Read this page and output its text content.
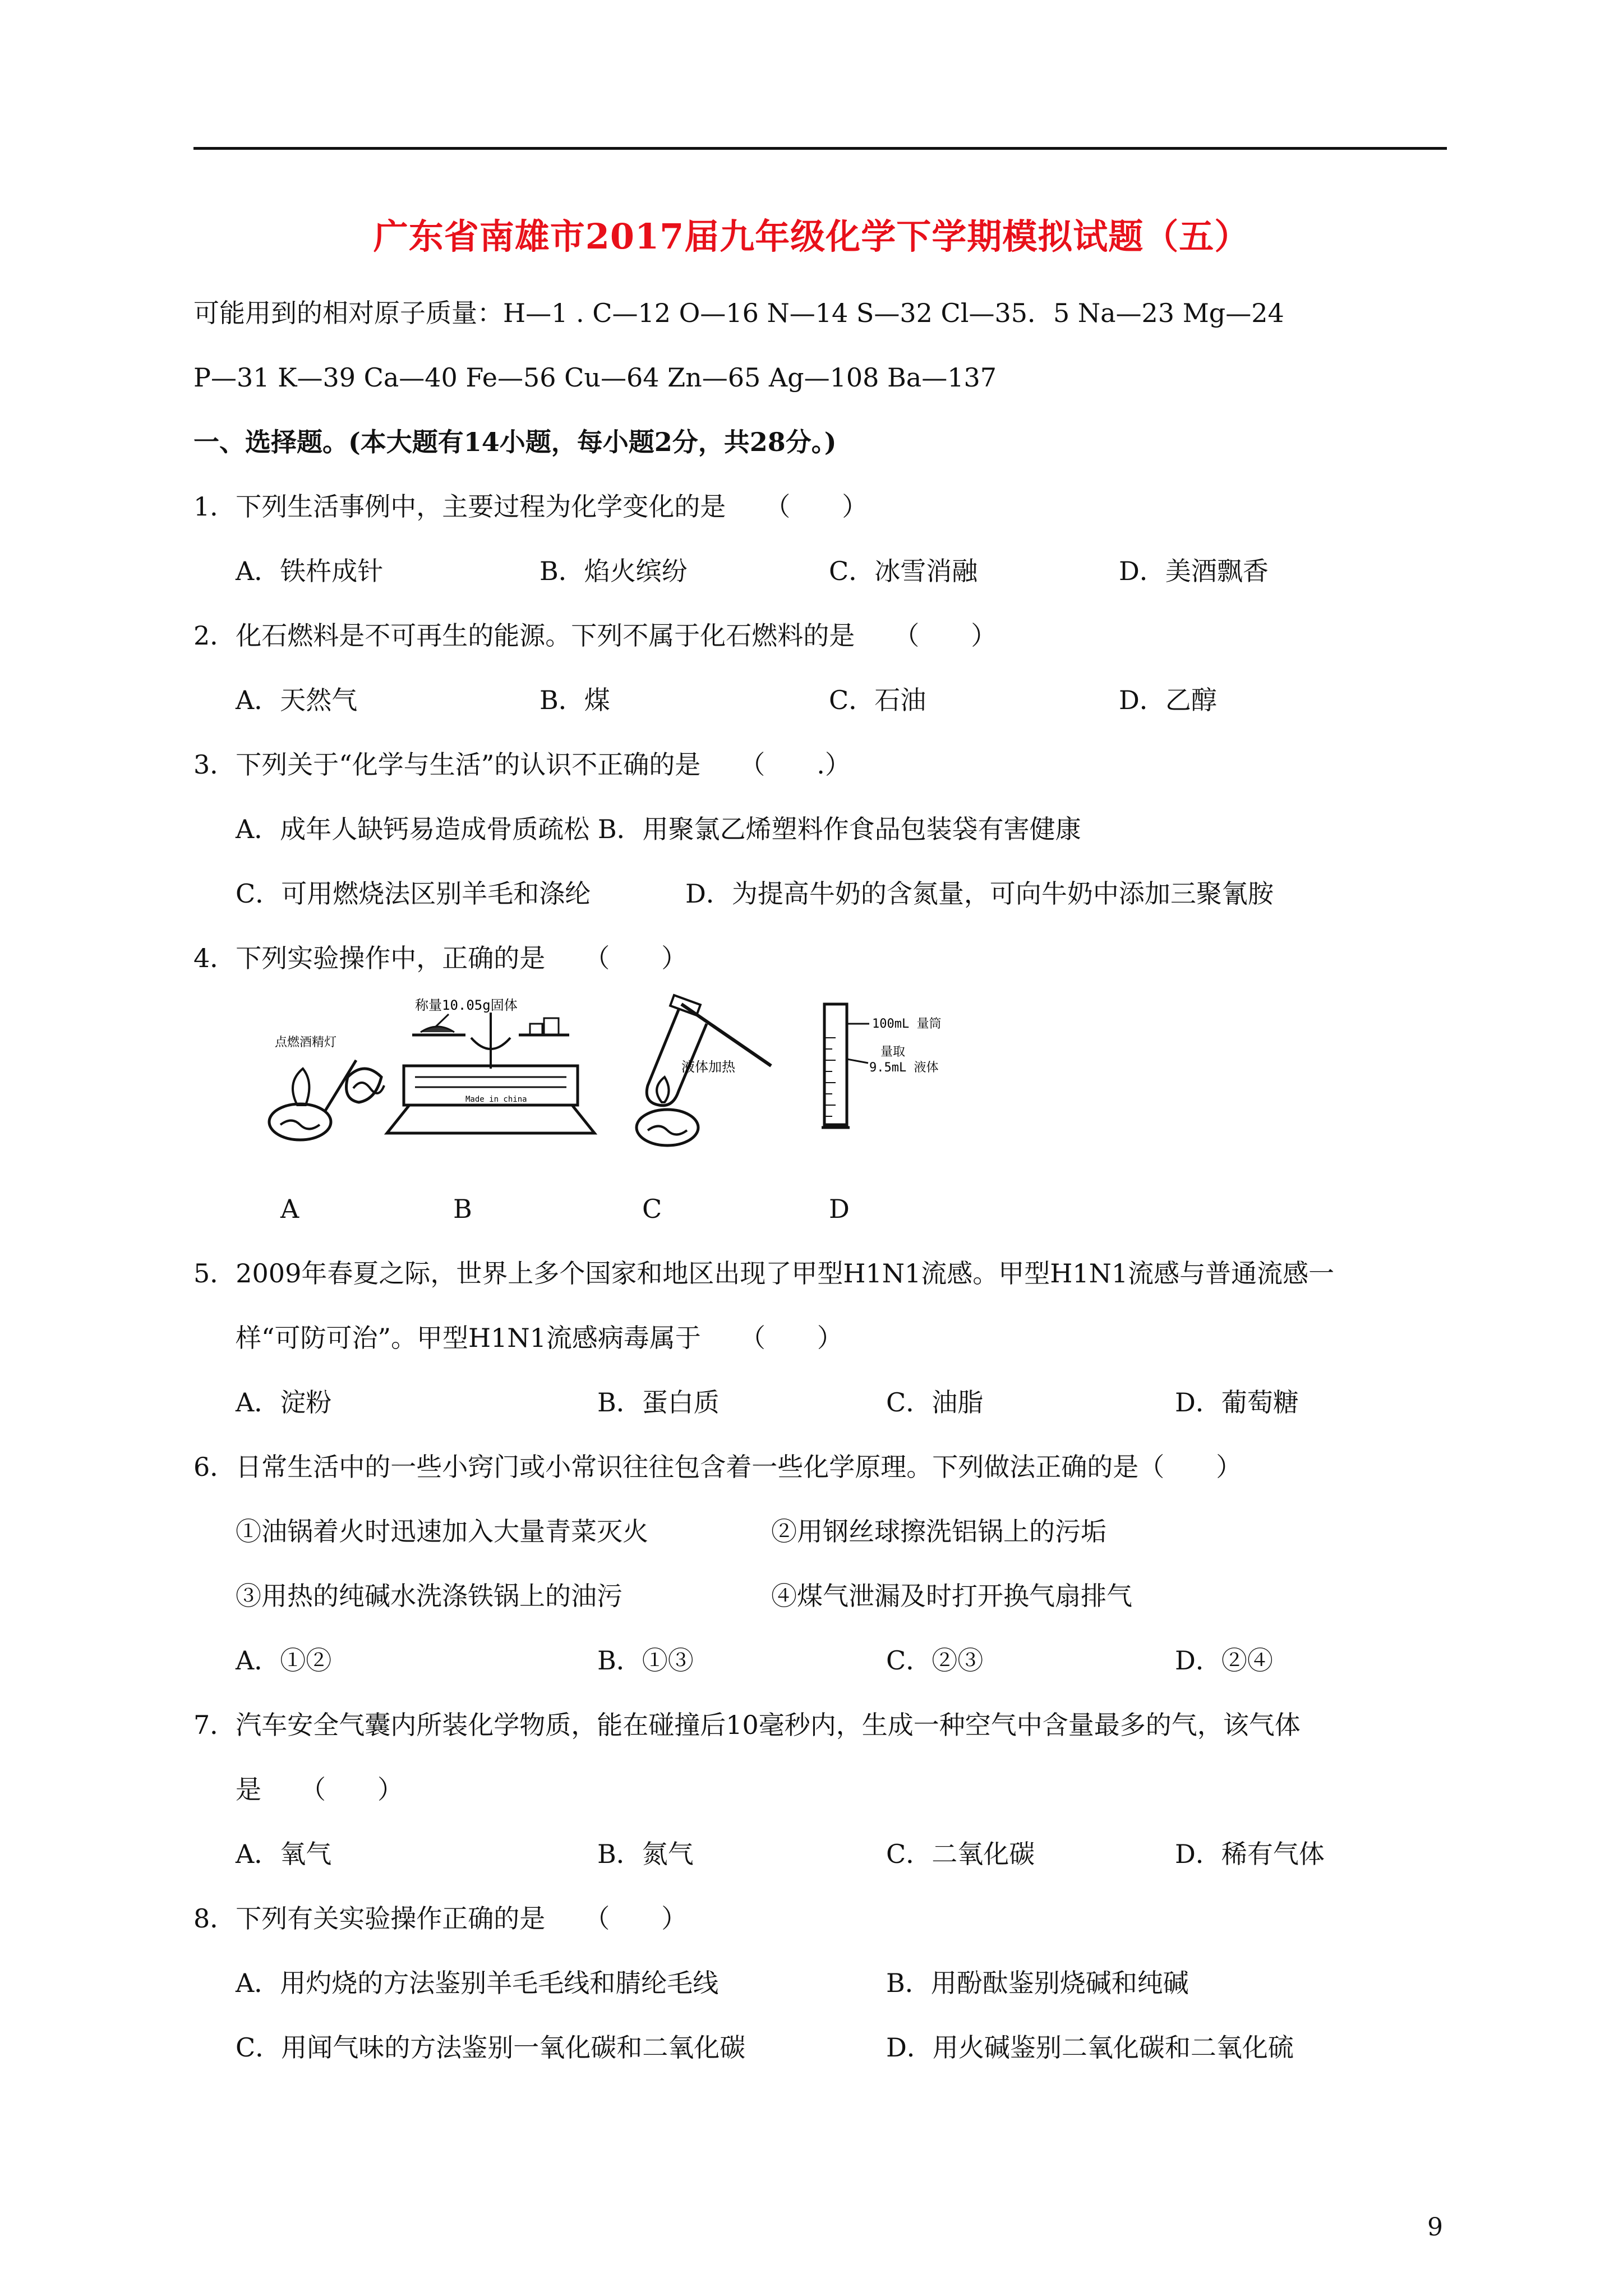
广东省南雄市2017届九年级化学下学期模拟试题（五）
可能用到的相对原子质量：H—1 . C—12 O—16 N—14 S—32 Cl—35．5 Na—23 Mg—24
P—31 K—39 Ca—40 Fe—56 Cu—64 Zn—65 Ag—108 Ba—137
一、选择题。(本大题有14小题，每小题2分，共28分。)
1．下列生活事例中，主要过程为化学变化的是　　（　　）
A．铁杵成针	B．焰火缤纷	C．冰雪消融	D．美酒飘香
2．化石燃料是不可再生的能源。下列不属于化石燃料的是　　（　　）
A．天然气	B．煤	C．石油	D．乙醇
3．下列关于“化学与生活”的认识不正确的是　　（　　.）
A．成年人缺钙易造成骨质疏松 B．用聚氯乙烯塑料作食品包装袋有害健康
C．可用燃烧法区别羊毛和涤纶	D．为提高牛奶的含氮量，可向牛奶中添加三聚氰胺
4．下列实验操作中，正确的是　　（　　）
点燃酒精灯
称量10.05g固体
Made in china
液体加热
100mL 量筒
量取
9.5mL 液体
A	B	C	D
5．2009年春夏之际，世界上多个国家和地区出现了甲型H1N1流感。甲型H1N1流感与普通流感一
样“可防可治”。甲型H1N1流感病毒属于　　（　　）
A．淀粉	B．蛋白质	C．油脂	D．葡萄糖
6．日常生活中的一些小窍门或小常识往往包含着一些化学原理。下列做法正确的是（　　）
①油锅着火时迅速加入大量青菜灭火	②用钢丝球擦洗铝锅上的污垢
③用热的纯碱水洗涤铁锅上的油污	④煤气泄漏及时打开换气扇排气
A．①②	B．①③	C．②③	D．②④
7．汽车安全气囊内所装化学物质，能在碰撞后10毫秒内，生成一种空气中含量最多的气，该气体
是　　（　　）
A．氧气	B．氮气	C．二氧化碳	D．稀有气体
8．下列有关实验操作正确的是　　（　　）
A．用灼烧的方法鉴别羊毛毛线和腈纶毛线	B．用酚酞鉴别烧碱和纯碱
C．用闻气味的方法鉴别一氧化碳和二氧化碳	D．用火碱鉴别二氧化碳和二氧化硫
9
